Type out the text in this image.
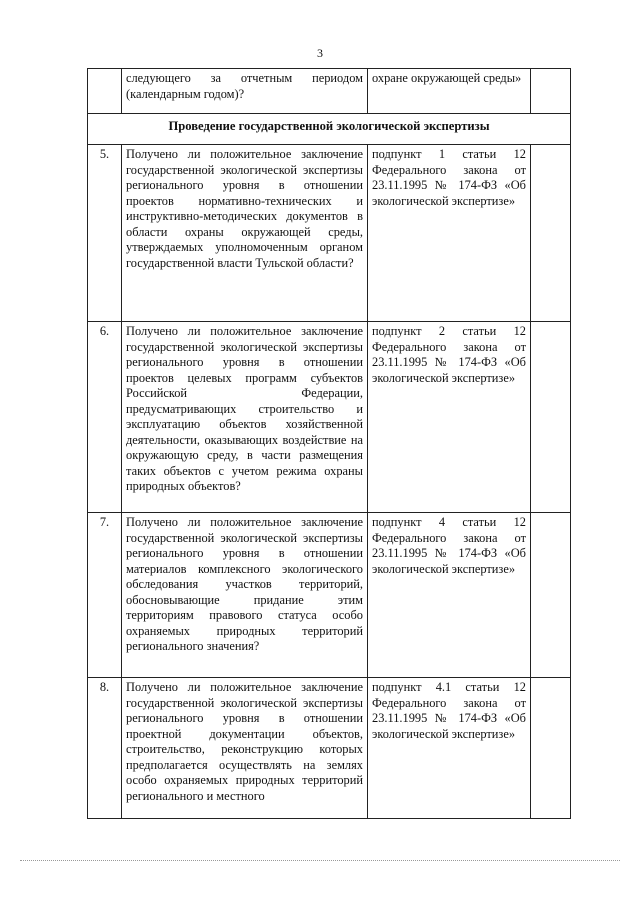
3
	следующего за отчетным периодом (календарным годом)?	охране окружающей среды»	
Проведение государственной экологической экспертизы			
5.	Получено ли положительное заключение государственной экологической экспертизы регионального уровня в отношении проектов нормативно-технических и инструктивно-методических документов в области охраны окружающей среды, утверждаемых уполномоченным органом государственной власти Тульской области?	подпункт 1 статьи 12 Федерального закона от 23.11.1995 № 174-ФЗ «Об экологической экспертизе»	
6.	Получено ли положительное заключение государственной экологической экспертизы регионального уровня в отношении проектов целевых программ субъектов Российской Федерации, предусматривающих строительство и эксплуатацию объектов хозяйственной деятельности, оказывающих воздействие на окружающую среду, в части размещения таких объектов с учетом режима охраны природных объектов?	подпункт 2 статьи 12 Федерального закона от 23.11.1995 № 174-ФЗ «Об экологической экспертизе»	
7.	Получено ли положительное заключение государственной экологической экспертизы регионального уровня в отношении материалов комплексного экологического обследования участков территорий, обосновывающие придание этим территориям правового статуса особо охраняемых природных территорий регионального значения?	подпункт 4 статьи 12 Федерального закона от 23.11.1995 № 174-ФЗ «Об экологической экспертизе»	
8.	Получено ли положительное заключение государственной экологической экспертизы регионального уровня в отношении проектной документации объектов, строительство, реконструкцию которых предполагается осуществлять на землях особо охраняемых природных территорий регионального и местного	подпункт 4.1 статьи 12 Федерального закона от 23.11.1995 № 174-ФЗ «Об экологической экспертизе»	
